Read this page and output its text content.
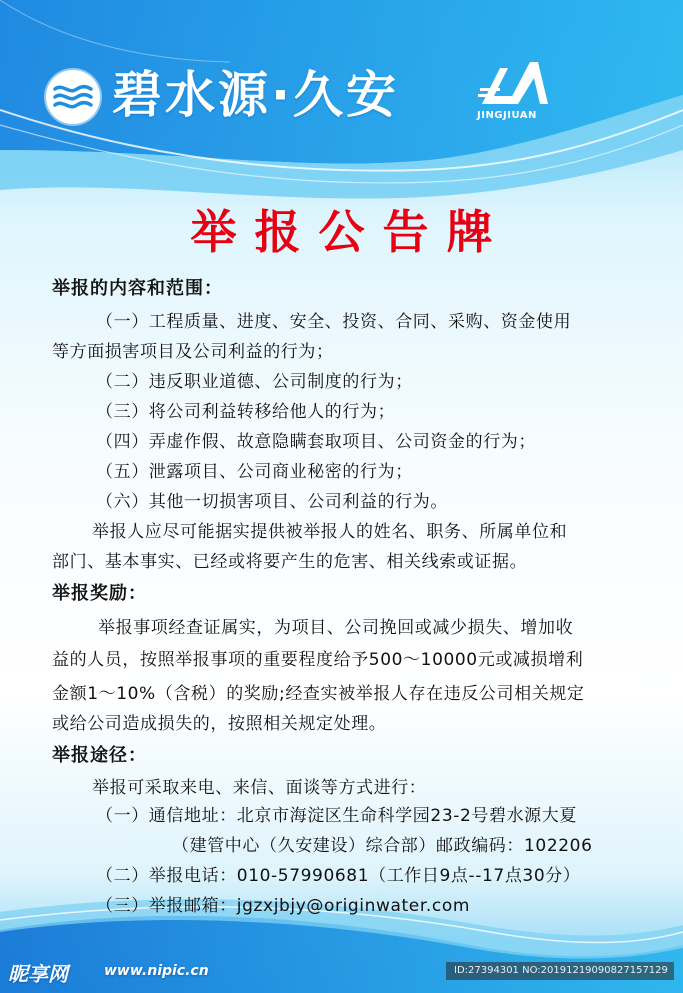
碧水源·久安	JINGJIUAN
举报公告牌
举报的内容和范围：
（一）工程质量、进度、安全、投资、合同、采购、资金使用
等方面损害项目及公司利益的行为；
（二）违反职业道德、公司制度的行为；
（三）将公司利益转移给他人的行为；
（四）弄虚作假、故意隐瞒套取项目、公司资金的行为；
（五）泄露项目、公司商业秘密的行为；
（六）其他一切损害项目、公司利益的行为。
举报人应尽可能据实提供被举报人的姓名、职务、所属单位和
部门、基本事实、已经或将要产生的危害、相关线索或证据。
举报奖励：
举报事项经查证属实，为项目、公司挽回或减少损失、增加收
益的人员，按照举报事项的重要程度给予500～10000元或减损增利
金额1～10%（含税）的奖励;经查实被举报人存在违反公司相关规定
或给公司造成损失的，按照相关规定处理。
举报途径：
举报可采取来电、来信、面谈等方式进行：
（一）通信地址：北京市海淀区生命科学园23-2号碧水源大夏
（建管中心（久安建设）综合部）邮政编码：102206
（二）举报电话：010-57990681（工作日9点--17点30分）
（三）举报邮箱：jgzxjbjy@originwater.com
昵享网	www.nipic.cn	ID:27394301 NO:20191219090827157129
